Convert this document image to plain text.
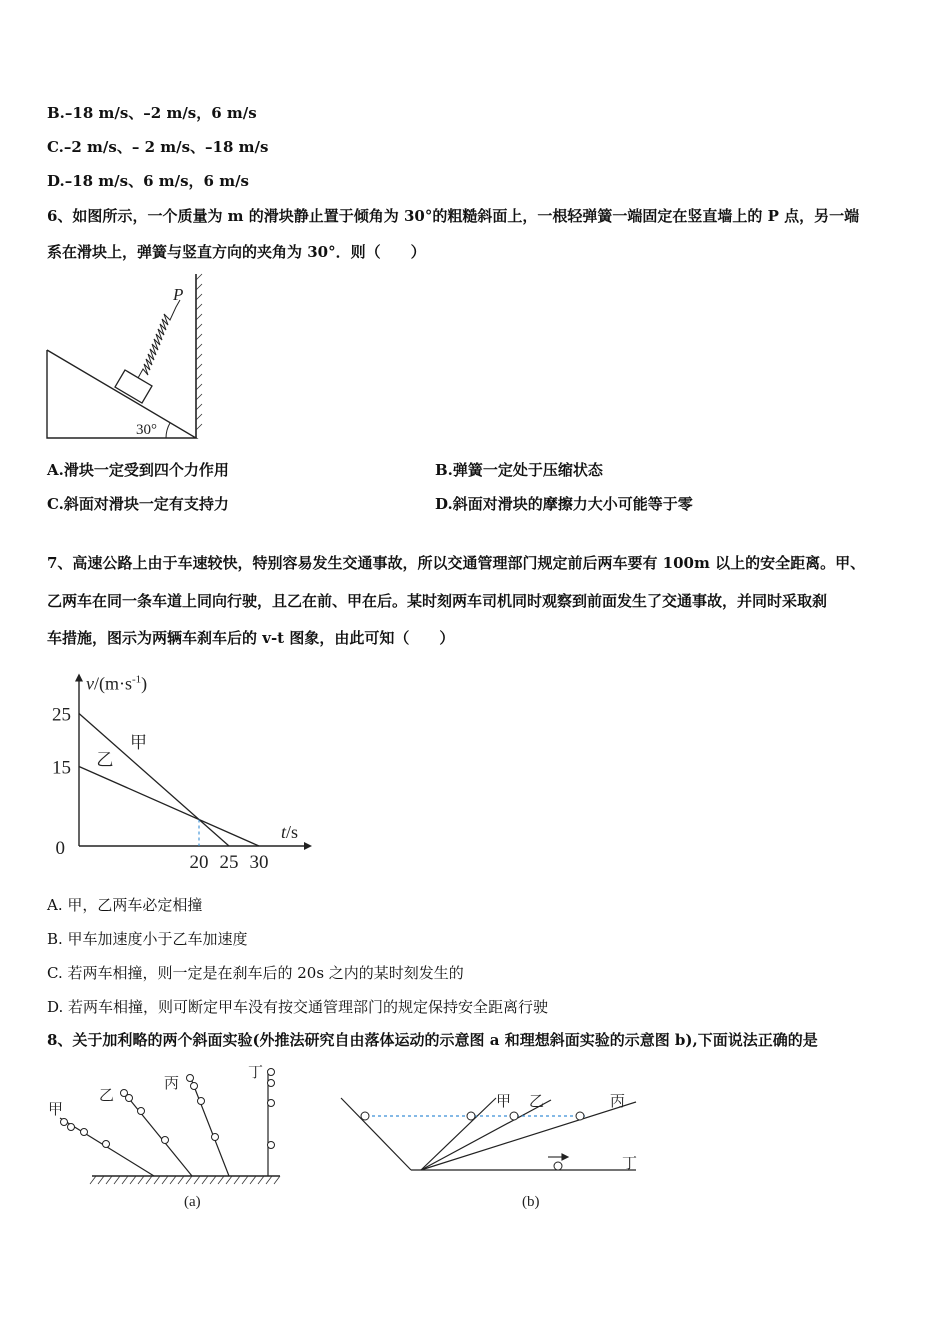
B.–18 m/s、–2 m/s，6 m/s
C.–2 m/s、– 2 m/s、–18 m/s
D.–18 m/s、6 m/s，6 m/s
6、如图所示，一个质量为 m 的滑块静止置于倾角为 30°的粗糙斜面上，一根轻弹簧一端固定在竖直墙上的 P 点，另一端
系在滑块上，弹簧与竖直方向的夹角为 30°．则（　　）
P
30°
A.滑块一定受到四个力作用	B.弹簧一定处于压缩状态
C.斜面对滑块一定有支持力	D.斜面对滑块的摩擦力大小可能等于零
7、高速公路上由于车速较快，特别容易发生交通事故，所以交通管理部门规定前后两车要有 100m 以上的安全距离。甲、
乙两车在同一条车道上同向行驶，且乙在前、甲在后。某时刻两车司机同时观察到前面发生了交通事故，并同时采取刹
车措施，图示为两辆车刹车后的 v-t 图象，由此可知（　　）
甲
乙
20 25 30
15
25
0
$v/(m\cdot s^{-1})$
t/s
A. 甲，乙两车必定相撞
B. 甲车加速度小于乙车加速度
C. 若两车相撞，则一定是在刹车后的 20s 之内的某时刻发生的
D. 若两车相撞，则可断定甲车没有按交通管理部门的规定保持安全距离行驶
8、关于加利略的两个斜面实验(外推法研究自由落体运动的示意图 a 和理想斜面实验的示意图 b),下面说法正确的是
甲
乙
丙
丁
(a)
甲 乙	丙
丁
(b)
